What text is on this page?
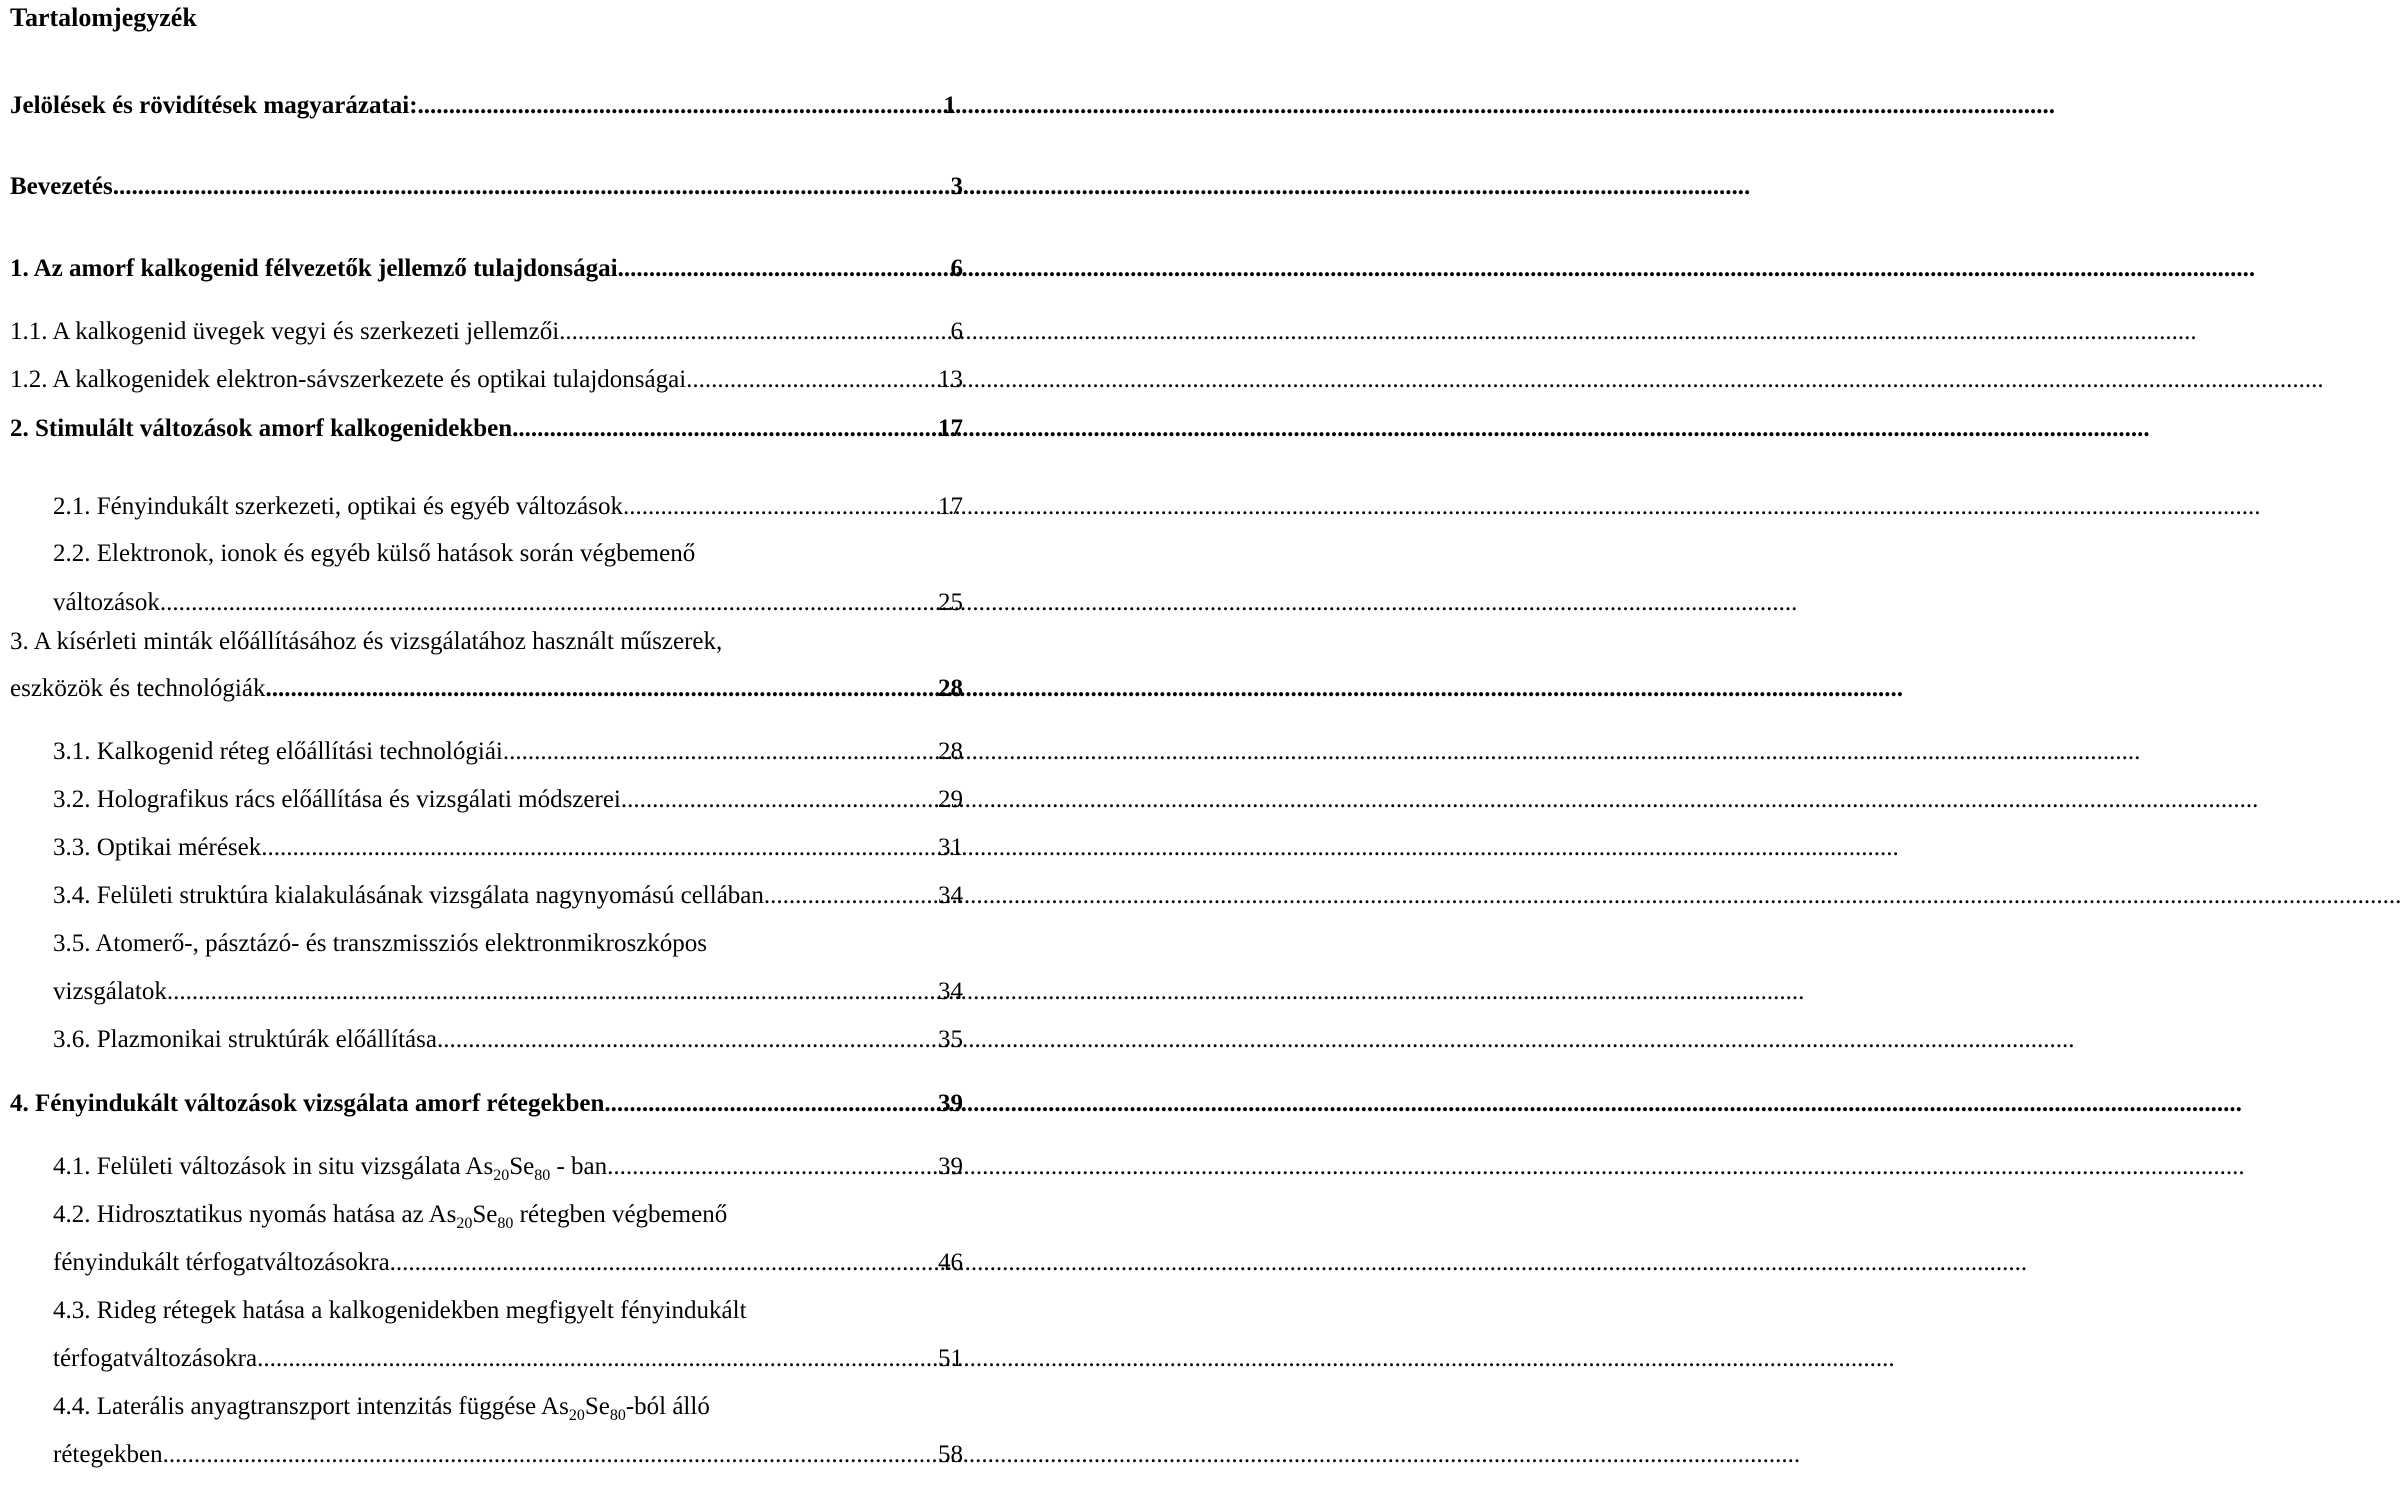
Tartalomjegyzék
Jelölések és rövidítések magyarázatai: .....	1
Bevezetés .....	3
1. Az amorf kalkogenid félvezetők jellemző tulajdonságai .....	6
1.1. A kalkogenid üvegek vegyi és szerkezeti jellemzői .....	6
1.2. A kalkogenidek elektron-sávszerkezete és optikai tulajdonságai .....	13
2. Stimulált változások amorf kalkogenidekben .....	17
2.1. Fényindukált szerkezeti, optikai és egyéb változások .....	17
2.2. Elektronok, ionok és egyéb külső hatások során végbemenő
változások .....	25
3. A kísérleti minták előállításához és vizsgálatához használt műszerek,
eszközök és technológiák .....	28
3.1. Kalkogenid réteg előállítási technológiái .....	28
3.2. Holografikus rács előállítása és vizsgálati módszerei .....	29
3.3. Optikai mérések .....	31
3.4. Felületi struktúra kialakulásának vizsgálata nagynyomású cellában .....	34
3.5. Atomerő-, pásztázó- és transzmissziós elektronmikroszkópos
vizsgálatok .....	34
3.6. Plazmonikai struktúrák előállítása .....	35
4. Fényindukált változások vizsgálata amorf rétegekben .....	39
4.1. Felületi változások in situ vizsgálata $As_{20}Se_{80}$ - ban .....	39
4.2. Hidrosztatikus nyomás hatása az $As_{20}Se_{80}$ rétegben végbemenő
fényindukált térfogatváltozásokra .....	46
4.3. Rideg rétegek hatása a kalkogenidekben megfigyelt fényindukált
térfogatváltozásokra .....	51
4.4. Laterális anyagtranszport intenzitás függése $As_{20}Se_{80}$-ból álló
rétegekben .....	58
